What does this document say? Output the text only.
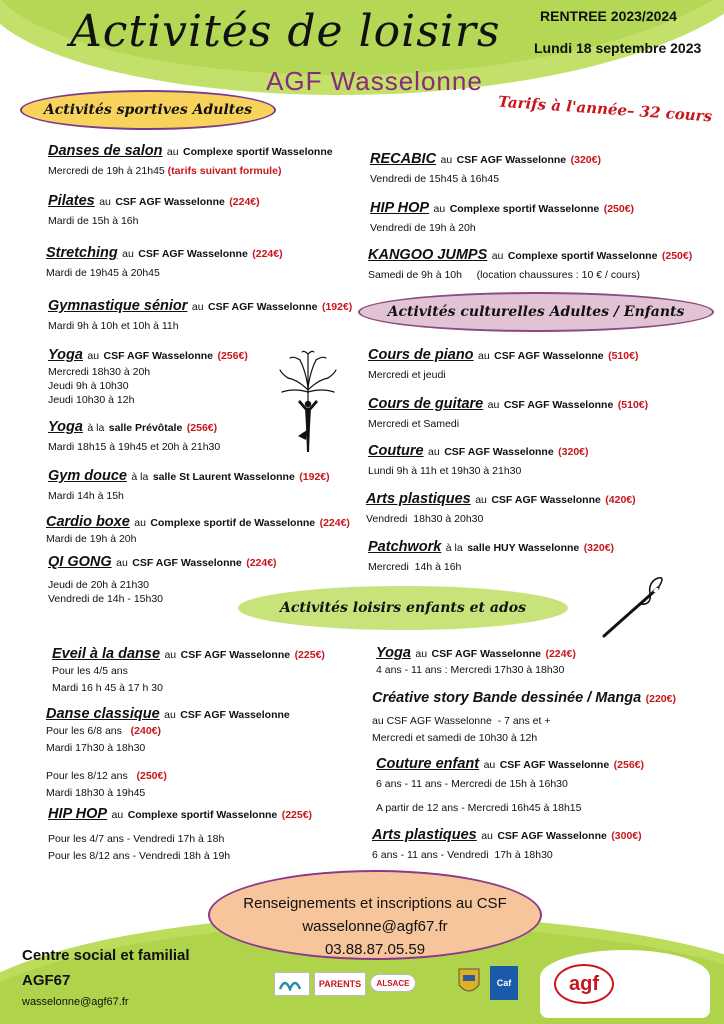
Activités de loisirs	RENTREE 2023/2024
Lundi 18 septembre 2023
AGF Wasselonne
Tarifs à l'année– 32 cours
Activités sportives Adultes
Activités culturelles Adultes / Enfants
Activités loisirs enfants et ados
Danses de salon au Complexe sportif Wasselonne
Mercredi de 19h à 21h45 (tarifs suivant formule)
Pilates au CSF AGF Wasselonne (224€)
Mardi de 15h à 16h
Stretching au CSF AGF Wasselonne (224€)
Mardi de 19h45 à 20h45
Gymnastique sénior au CSF AGF Wasselonne (192€)
Mardi 9h à 10h et 10h à 11h
Yoga au CSF AGF Wasselonne (256€)
Mercredi 18h30 à 20h
Jeudi 9h à 10h30
Jeudi 10h30 à 12h
Yoga à la salle Prévôtale (256€)
Mardi 18h15 à 19h45 et 20h à 21h30
Gym douce à la salle St Laurent Wasselonne (192€)
Mardi 14h à 15h
Cardio boxe au Complexe sportif de Wasselonne (224€)
Mardi de 19h à 20h
QI GONG au CSF AGF Wasselonne (224€)
Jeudi de 20h à 21h30
Vendredi de 14h - 15h30
RECABIC au CSF AGF Wasselonne (320€)
Vendredi de 15h45 à 16h45
HIP HOP au Complexe sportif Wasselonne (250€)
Vendredi de 19h à 20h
KANGOO JUMPS au Complexe sportif Wasselonne (250€)
Samedi de 9h à 10h     (location chaussures : 10 € / cours)
Cours de piano au CSF AGF Wasselonne (510€)
Mercredi et jeudi
Cours de guitare au CSF AGF Wasselonne (510€)
Mercredi et Samedi
Couture au CSF AGF Wasselonne (320€)
Lundi 9h à 11h et 19h30 à 21h30
Arts plastiques au CSF AGF Wasselonne (420€)
Vendredi  18h30 à 20h30
Patchwork à la salle HUY Wasselonne (320€)
Mercredi  14h à 16h
Eveil à la danse au CSF AGF Wasselonne (225€)
Pour les 4/5 ans
Mardi 16 h 45 à 17 h 30
Danse classique au CSF AGF Wasselonne
Pour les 6/8 ans (240€)
Mardi 17h30 à 18h30
Pour les 8/12 ans (250€)
Mardi 18h30 à 19h45
HIP HOP au Complexe sportif Wasselonne (225€)
Pour les 4/7 ans - Vendredi 17h à 18h
Pour les 8/12 ans - Vendredi 18h à 19h
Yoga au CSF AGF Wasselonne (224€)
4 ans - 11 ans : Mercredi 17h30 à 18h30
Créative story Bande dessinée / Manga (220€)
au CSF AGF Wasselonne  - 7 ans et +
Mercredi et samedi de 10h30 à 12h
Couture enfant au CSF AGF Wasselonne (256€)
6 ans - 11 ans - Mercredi de 15h à 16h30
A partir de 12 ans - Mercredi 16h45 à 18h15
Arts plastiques au CSF AGF Wasselonne (300€)
6 ans - 11 ans - Vendredi  17h à 18h30
Renseignements et inscriptions au CSF
wasselonne@agf67.fr
03.88.87.05.59
Centre social et familial
AGF67
wasselonne@agf67.fr
PARENTS	ALSACE	Caf	agf
